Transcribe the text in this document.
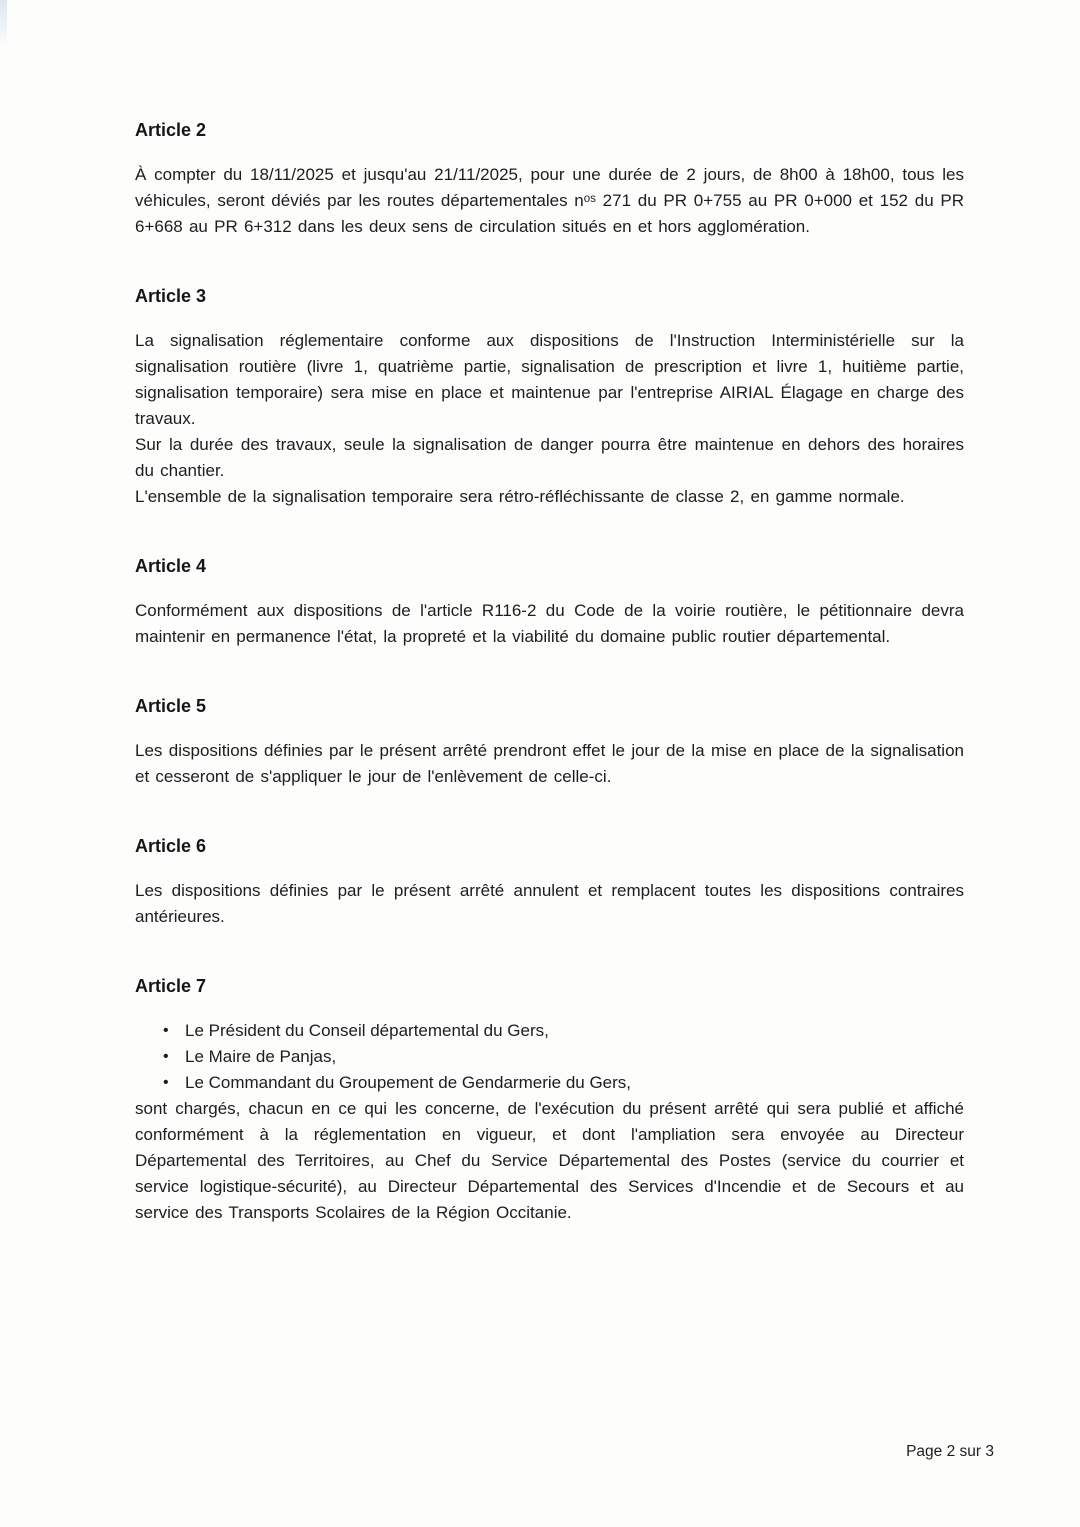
Article 2

À compter du 18/11/2025 et jusqu'au 21/11/2025, pour une durée de 2 jours, de 8h00 à 18h00, tous les véhicules, seront déviés par les routes départementales nᵒˢ 271 du PR 0+755 au PR 0+000 et 152 du PR 6+668 au PR 6+312 dans les deux sens de circulation situés en et hors agglomération.

Article 3

La signalisation réglementaire conforme aux dispositions de l'Instruction Interministérielle sur la signalisation routière (livre 1, quatrième partie, signalisation de prescription et livre 1, huitième partie, signalisation temporaire) sera mise en place et maintenue par l'entreprise AIRIAL Élagage en charge des travaux.

Sur la durée des travaux, seule la signalisation de danger pourra être maintenue en dehors des horaires du chantier.

L'ensemble de la signalisation temporaire sera rétro-réfléchissante de classe 2, en gamme normale.

Article 4

Conformément aux dispositions de l'article R116-2 du Code de la voirie routière, le pétitionnaire devra maintenir en permanence l'état, la propreté et la viabilité du domaine public routier départemental.

Article 5

Les dispositions définies par le présent arrêté prendront effet le jour de la mise en place de la signalisation et cesseront de s'appliquer le jour de l'enlèvement de celle-ci.

Article 6

Les dispositions définies par le présent arrêté annulent et remplacent toutes les dispositions contraires antérieures.

Article 7
• Le Président du Conseil départemental du Gers,
• Le Maire de Panjas,
• Le Commandant du Groupement de Gendarmerie du Gers,

sont chargés, chacun en ce qui les concerne, de l'exécution du présent arrêté qui sera publié et affiché conformément à la réglementation en vigueur, et dont l'ampliation sera envoyée au Directeur Départemental des Territoires, au Chef du Service Départemental des Postes (service du courrier et service logistique-sécurité), au Directeur Départemental des Services d'Incendie et de Secours et au service des Transports Scolaires de la Région Occitanie.

Page 2 sur 3
